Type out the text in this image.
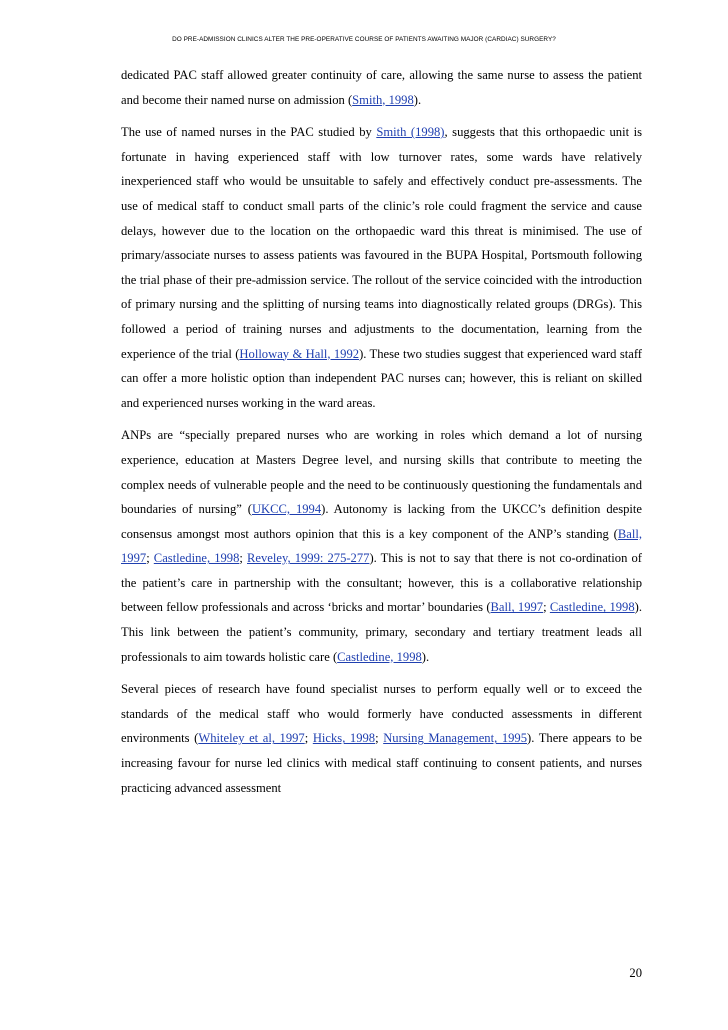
DO PRE-ADMISSION CLINICS ALTER THE PRE-OPERATIVE COURSE OF PATIENTS AWAITING MAJOR (CARDIAC) SURGERY?

dedicated PAC staff allowed greater continuity of care, allowing the same nurse to assess the patient and become their named nurse on admission (Smith, 1998).

The use of named nurses in the PAC studied by Smith (1998), suggests that this orthopaedic unit is fortunate in having experienced staff with low turnover rates, some wards have relatively inexperienced staff who would be unsuitable to safely and effectively conduct pre-assessments. The use of medical staff to conduct small parts of the clinic’s role could fragment the service and cause delays, however due to the location on the orthopaedic ward this threat is minimised. The use of primary/associate nurses to assess patients was favoured in the BUPA Hospital, Portsmouth following the trial phase of their pre-admission service. The rollout of the service coincided with the introduction of primary nursing and the splitting of nursing teams into diagnostically related groups (DRGs). This followed a period of training nurses and adjustments to the documentation, learning from the experience of the trial (Holloway & Hall, 1992). These two studies suggest that experienced ward staff can offer a more holistic option than independent PAC nurses can; however, this is reliant on skilled and experienced nurses working in the ward areas.

ANPs are “specially prepared nurses who are working in roles which demand a lot of nursing experience, education at Masters Degree level, and nursing skills that contribute to meeting the complex needs of vulnerable people and the need to be continuously questioning the fundamentals and boundaries of nursing” (UKCC, 1994). Autonomy is lacking from the UKCC’s definition despite consensus amongst most authors opinion that this is a key component of the ANP’s standing (Ball, 1997; Castledine, 1998; Reveley, 1999: 275-277). This is not to say that there is not co-ordination of the patient’s care in partnership with the consultant; however, this is a collaborative relationship between fellow professionals and across ‘bricks and mortar’ boundaries (Ball, 1997; Castledine, 1998). This link between the patient’s community, primary, secondary and tertiary treatment leads all professionals to aim towards holistic care (Castledine, 1998).

Several pieces of research have found specialist nurses to perform equally well or to exceed the standards of the medical staff who would formerly have conducted assessments in different environments (Whiteley et al, 1997; Hicks, 1998; Nursing Management, 1995). There appears to be increasing favour for nurse led clinics with medical staff continuing to consent patients, and nurses practicing advanced assessment

20
